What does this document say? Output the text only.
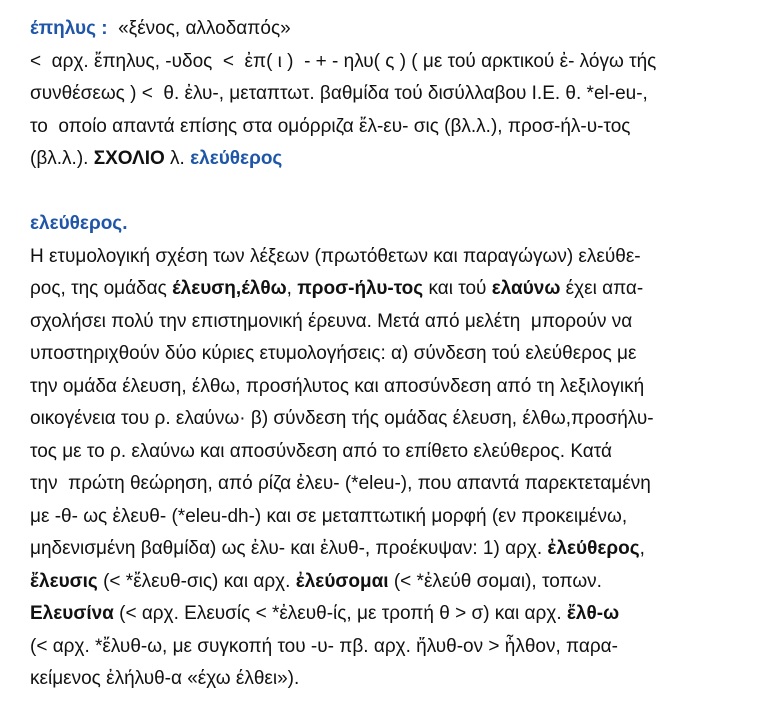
έπηλυς :  «ξένος, αλλοδαπός»
<  αρχ. ἔπηλυς, -υδος  <  ἐπ( ι )  - + - ηλυ( ς ) ( με τού αρκτικού ἐ- λόγω τής
συνθέσεως ) <  θ. ἐλυ-, μεταπτωτ. βαθμίδα τού δισύλλαβου Ι.Ε. θ. *el-eu-,
το  οποίο απαντά επίσης στα ομόρριζα ἔλ-ευ- σις (βλ.λ.), προσ-ήλ-υ-τος
(βλ.λ.). ΣΧΟΛΙΟ λ. ελεύθερος
ελεύθερος.
Η ετυμολογική σχέση των λέξεων (πρωτόθετων και παραγώγων) ελεύθε-
ρος, της ομάδας έλευση,έλθω, προσ-ήλυ-τος και τού ελαύνω έχει απα-
σχολήσει πολύ την επιστημονική έρευνα. Μετά από μελέτη  μπορούν να
υποστηριχθούν δύο κύριες ετυμολογήσεις: α) σύνδεση τού ελεύθερος με
την ομάδα έλευση, έλθω, προσήλυτος και αποσύνδεση από τη λεξιλογική
οικογένεια του ρ. ελαύνω· β) σύνδεση τής ομάδας έλευση, έλθω,προσήλυ-
τος με το ρ. ελαύνω και αποσύνδεση από το επίθετο ελεύθερος. Κατά
την  πρώτη θεώρηση, από ρίζα ἐλευ- (*eleu-), που απαντά παρεκτεταμένη
με -θ- ως ἐλευθ- (*eleu-dh-) και σε μεταπτωτική μορφή (εν προκειμένω,
μηδενισμένη βαθμίδα) ως ἐλυ- και ἐλυθ-, προέκυψαν: 1) αρχ. ἐλεύθερος,
ἔλευσις (< *ἔλευθ-σις) και αρχ. ἐλεύσομαι (< *ἐλεύθ σομαι), τοπων.
Ελευσίνα (< αρχ. Ελευσίς < *ἐλευθ-ίς, με τροπή θ > σ) και αρχ. ἔλθ-ω
(< αρχ. *ἔλυθ-ω, με συγκοπή του -υ- πβ. αρχ. ἤλυθ-ον > ἦλθον, παρα-
κείμενος ἐλήλυθ-α «έχω έλθει»).
